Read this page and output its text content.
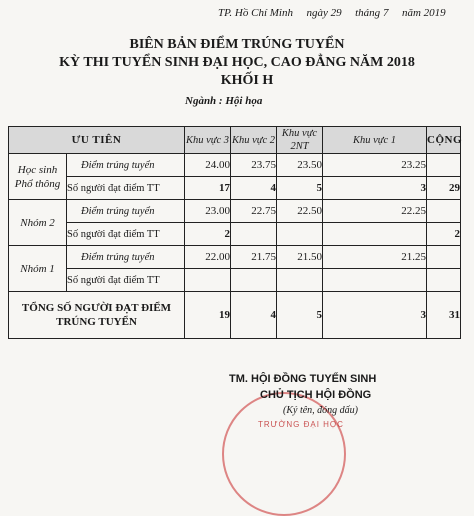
TP. Hồ Chí Minh ngày 29 tháng 7 năm 2019
BIÊN BẢN ĐIỂM TRÚNG TUYỂN
KỲ THI TUYỂN SINH ĐẠI HỌC, CAO ĐẲNG NĂM 2018
KHỐI H
Ngành : Hội họa
ƯU TIÊN		Khu vực 3	Khu vực 2	Khu vực 2NT	Khu vực 1	CỘNG
Học sinh Phổ thông	Điểm trúng tuyển	24.00	23.75	23.50	23.25	
	Số người đạt điểm TT	17	4	5	3	29
Nhóm 2	Điểm trúng tuyển	23.00	22.75	22.50	22.25	
	Số người đạt điểm TT	2				2
Nhóm 1	Điểm trúng tuyển	22.00	21.75	21.50	21.25	
	Số người đạt điểm TT					
TỔNG SỐ NGƯỜI ĐẠT ĐIỂM TRÚNG TUYỂN		19	4	5	3	31
TRƯỜNG ĐẠI HỌC
TM. HỘI ĐỒNG TUYỂN SINH
CHỦ TỊCH HỘI ĐỒNG
(Ký tên, đóng dấu)
